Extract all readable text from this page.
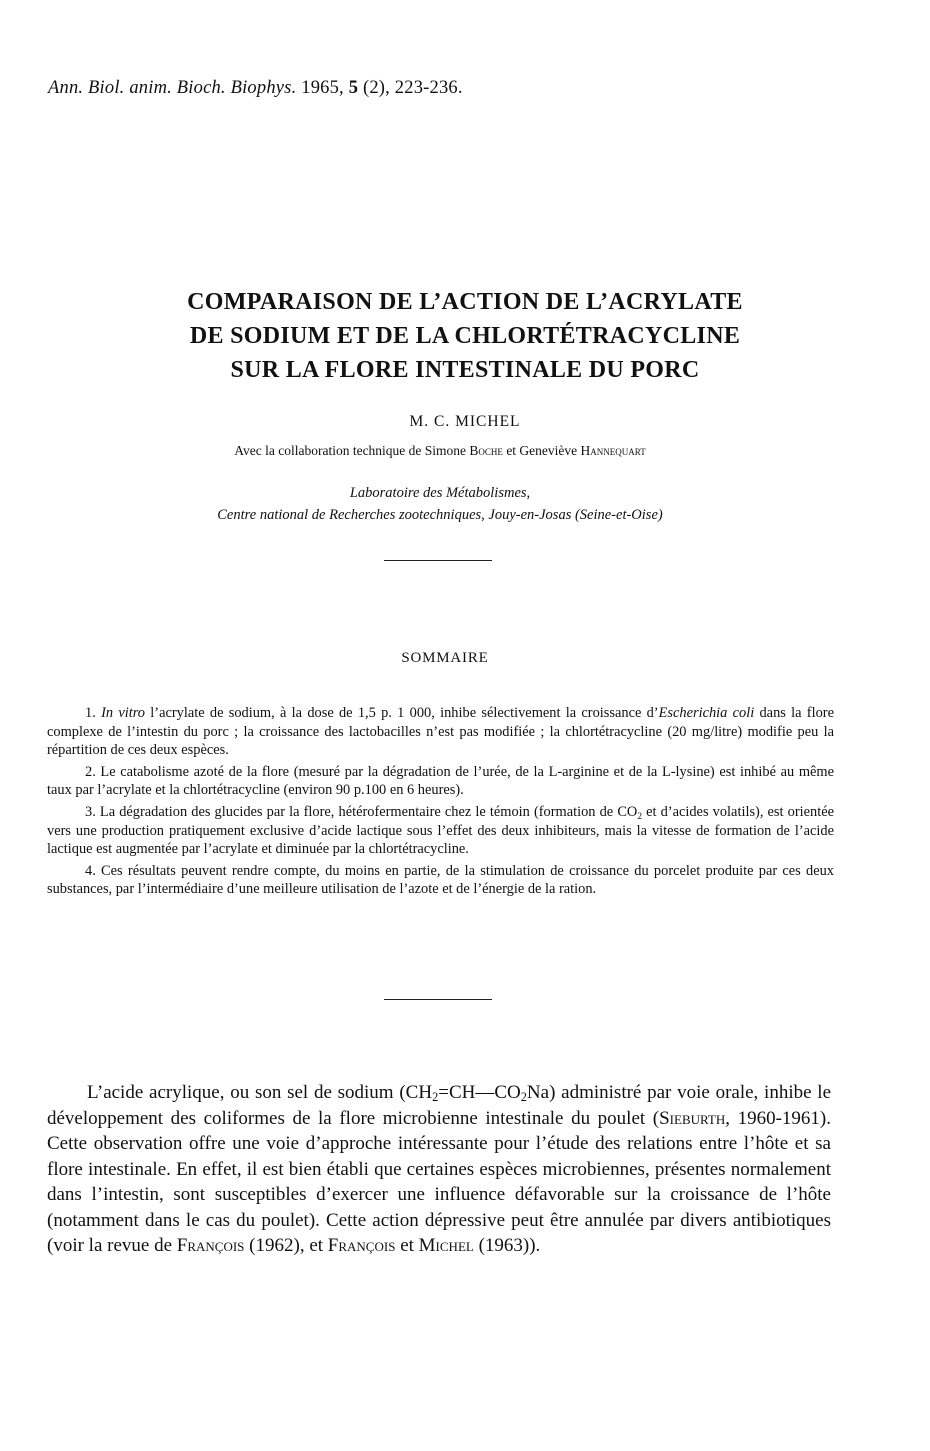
Ann. Biol. anim. Bioch. Biophys. 1965, 5 (2), 223-236.
COMPARAISON DE L’ACTION DE L’ACRYLATE
DE SODIUM ET DE LA CHLORTÉTRACYCLINE
SUR LA FLORE INTESTINALE DU PORC
M. C. MICHEL
Avec la collaboration technique de Simone Boche et Geneviève Hannequart
Laboratoire des Métabolismes,
Centre national de Recherches zootechniques, Jouy-en-Josas (Seine-et-Oise)
SOMMAIRE

1. In vitro l’acrylate de sodium, à la dose de 1,5 p. 1 000, inhibe sélectivement la croissance d’Escherichia coli dans la flore complexe de l’intestin du porc ; la croissance des lactobacilles n’est pas modifiée ; la chlortétracycline (20 mg/litre) modifie peu la répartition de ces deux espèces.

2. Le catabolisme azoté de la flore (mesuré par la dégradation de l’urée, de la L-arginine et de la L-lysine) est inhibé au même taux par l’acrylate et la chlortétracycline (environ 90 p.100 en 6 heures).

3. La dégradation des glucides par la flore, hétérofermentaire chez le témoin (formation de $CO_2$ et d’acides volatils), est orientée vers une production pratiquement exclusive d’acide lactique sous l’effet des deux inhibiteurs, mais la vitesse de formation de l’acide lactique est augmentée par l’acrylate et diminuée par la chlortétracycline.

4. Ces résultats peuvent rendre compte, du moins en partie, de la stimulation de croissance du porcelet produite par ces deux substances, par l’intermédiaire d’une meilleure utilisation de l’azote et de l’énergie de la ration.

L’acide acrylique, ou son sel de sodium $(CH_2=CH—CO_2Na)$ administré par voie orale, inhibe le développement des coliformes de la flore microbienne intestinale du poulet (Sieburth, 1960-1961). Cette observation offre une voie d’approche intéressante pour l’étude des relations entre l’hôte et sa flore intestinale. En effet, il est bien établi que certaines espèces microbiennes, présentes normalement dans l’intestin, sont susceptibles d’exercer une influence défavorable sur la croissance de l’hôte (notamment dans le cas du poulet). Cette action dépressive peut être annulée par divers antibiotiques (voir la revue de François (1962), et François et Michel (1963)).
